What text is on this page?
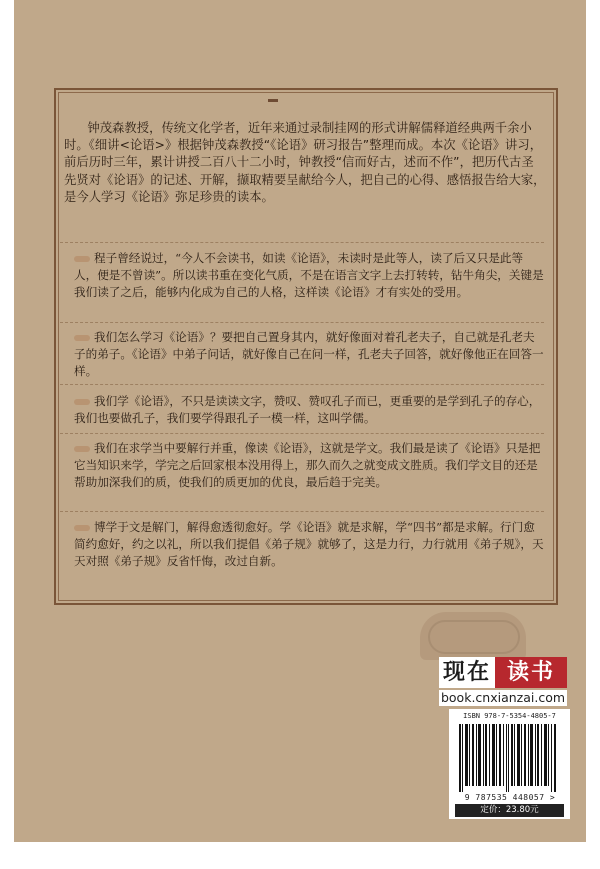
钟茂森教授，传统文化学者，近年来通过录制挂网的形式讲解儒释道经典两千余小时。《细讲<论语>》根据钟茂森教授“《论语》研习报告”整理而成。本次《论语》讲习，前后历时三年，累计讲授二百八十二小时，钟教授“信而好古，述而不作”，把历代古圣先贤对《论语》的记述、开解，撷取精要呈献给今人，把自己的心得、感悟报告给大家，是今人学习《论语》弥足珍贵的读本。

程子曾经说过，“今人不会读书，如读《论语》，未读时是此等人，读了后又只是此等人，便是不曾读”。所以读书重在变化气质，不是在语言文字上去打转转，钻牛角尖，关键是我们读了之后，能够内化成为自己的人格，这样读《论语》才有实处的受用。

我们怎么学习《论语》？要把自己置身其内，就好像面对着孔老夫子，自己就是孔老夫子的弟子。《论语》中弟子问话，就好像自己在问一样，孔老夫子回答，就好像他正在回答一样。

我们学《论语》，不只是读读文字，赞叹、赞叹孔子而已，更重要的是学到孔子的存心，我们也要做孔子，我们要学得跟孔子一模一样，这叫学儒。

我们在求学当中要解行并重，像读《论语》，这就是学文。我们最是读了《论语》只是把它当知识来学，学完之后回家根本没用得上，那久而久之就变成文胜质。我们学文目的还是帮助加深我们的质，使我们的质更加的优良，最后趋于完美。

博学于文是解门，解得愈透彻愈好。学《论语》就是求解，学“四书”都是求解。行门愈简约愈好，约之以礼，所以我们提倡《弟子规》就够了，这是力行，力行就用《弟子规》，天天对照《弟子规》反省忏悔，改过自新。

现在 读书
book.cnxianzai.com
ISBN 978-7-5354-4805-7
9 787535 448057 >
定价：23.80元
